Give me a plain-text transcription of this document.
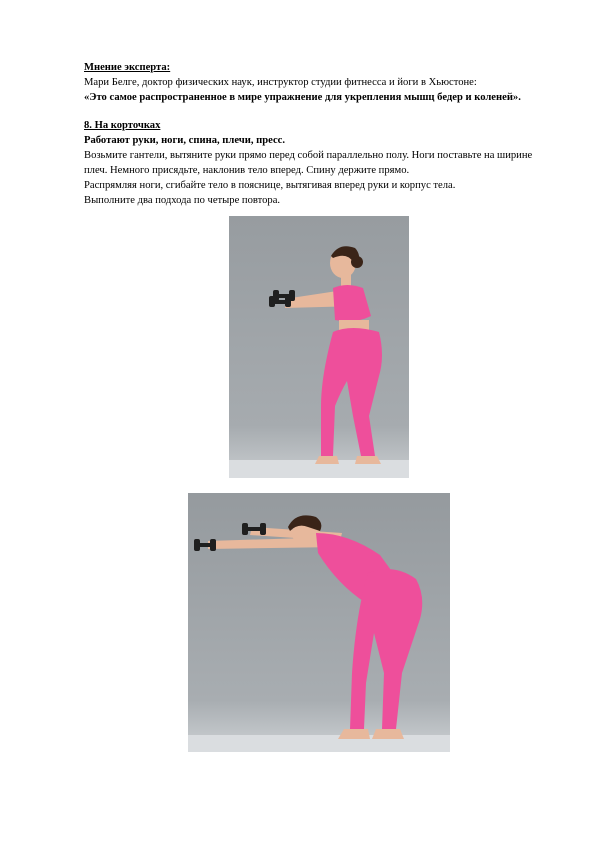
Мнение эксперта:
Мари Белге, доктор физических наук, инструктор студии фитнесса и йоги в Хьюстоне:
«Это самое распространенное в мире упражнение для укрепления мышц бедер и коленей».
8. На корточках
Работают руки, ноги, спина, плечи, пресс.
Возьмите гантели, вытяните руки прямо перед собой параллельно полу. Ноги поставьте на ширине плеч. Немного присядьте, наклонив тело вперед. Спину держите прямо.
Распрямляя ноги, сгибайте тело в пояснице, вытягивая вперед руки и корпус тела.
Выполните два подхода по четыре повтора.
